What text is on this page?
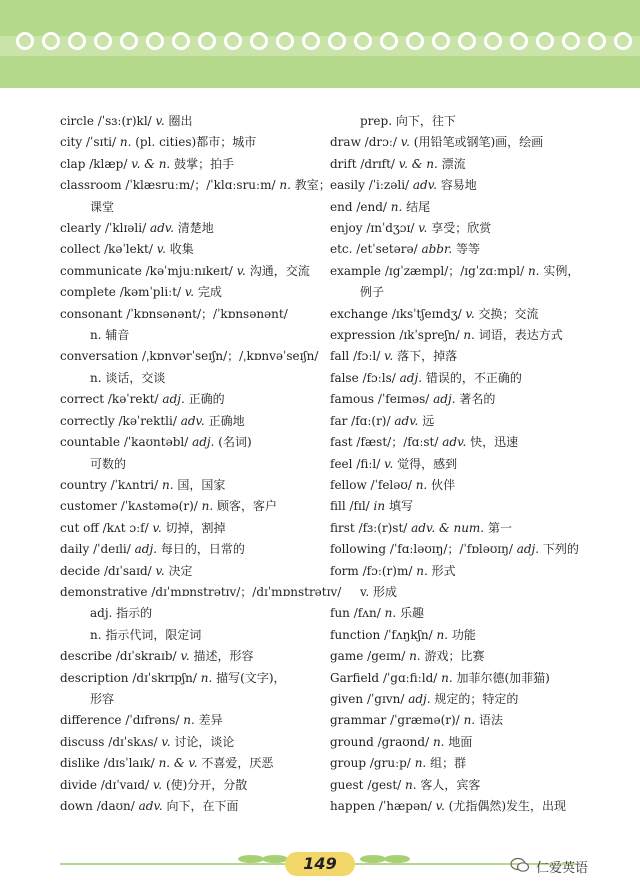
circle /ˈsɜː(r)kl/ v. 圈出
city /ˈsɪti/ n. (pl. cities)都市；城市
clap /klæp/ v. & n. 鼓掌；拍手
classroom /ˈklæsruːm/；/ˈklɑːsruːm/ n. 教室；
课堂
clearly /ˈklɪəli/ adv. 清楚地
collect /kəˈlekt/ v. 收集
communicate /kəˈmjuːnɪkeɪt/ v. 沟通，交流
complete /kəmˈpliːt/ v. 完成
consonant /ˈkɒnsənənt/；/ˈkɒnsənənt/
n. 辅音
conversation /ˌkɒnvərˈseɪʃn/；/ˌkɒnvəˈseɪʃn/
n. 谈话，交谈
correct /kəˈrekt/ adj. 正确的
correctly /kəˈrektli/ adv. 正确地
countable /ˈkaʊntəbl/ adj. (名词)
可数的
country /ˈkʌntri/ n. 国，国家
customer /ˈkʌstəmə(r)/ n. 顾客，客户
cut off /kʌt ɔːf/ v. 切掉，割掉
daily /ˈdeɪli/ adj. 每日的，日常的
decide /dɪˈsaɪd/ v. 决定
demonstrative /dɪˈmɒnstrətɪv/；/dɪˈmɒnstrətɪv/
adj. 指示的
n. 指示代词，限定词
describe /dɪˈskraɪb/ v. 描述，形容
description /dɪˈskrɪpʃn/ n. 描写(文字)，
形容
difference /ˈdɪfrəns/ n. 差异
discuss /dɪˈskʌs/ v. 讨论，谈论
dislike /dɪsˈlaɪk/ n. & v. 不喜爱，厌恶
divide /dɪˈvaɪd/ v. (使)分开，分散
down /daʊn/ adv. 向下，在下面
prep. 向下，往下
draw /drɔː/ v. (用铅笔或钢笔)画，绘画
drift /drɪft/ v. & n. 漂流
easily /ˈiːzəli/ adv. 容易地
end /end/ n. 结尾
enjoy /ɪnˈdʒɔɪ/ v. 享受；欣赏
etc. /etˈsetərə/ abbr. 等等
example /ɪgˈzæmpl/；/ɪgˈzɑːmpl/ n. 实例，
例子
exchange /ɪksˈtʃeɪndʒ/ v. 交换；交流
expression /ɪkˈspreʃn/ n. 词语，表达方式
fall /fɔːl/ v. 落下，掉落
false /fɔːls/ adj. 错误的，不正确的
famous /ˈfeɪməs/ adj. 著名的
far /fɑː(r)/ adv. 远
fast /fæst/；/fɑːst/ adv. 快，迅速
feel /fiːl/ v. 觉得，感到
fellow /ˈfeləʊ/ n. 伙伴
fill /fɪl/ in 填写
first /fɜː(r)st/ adv. & num. 第一
following /ˈfɑːləʊɪŋ/；/ˈfɒləʊɪŋ/ adj. 下列的
form /fɔː(r)m/ n. 形式
v. 形成
fun /fʌn/ n. 乐趣
function /ˈfʌŋkʃn/ n. 功能
game /geɪm/ n. 游戏；比赛
Garfield /ˈgɑːfiːld/ n. 加菲尔德(加菲猫)
given /ˈgɪvn/ adj. 规定的；特定的
grammar /ˈgræmə(r)/ n. 语法
ground /graʊnd/ n. 地面
group /gruːp/ n. 组；群
guest /gest/ n. 客人，宾客
happen /ˈhæpən/ v. (尤指偶然)发生，出现
149	仁爱英语
